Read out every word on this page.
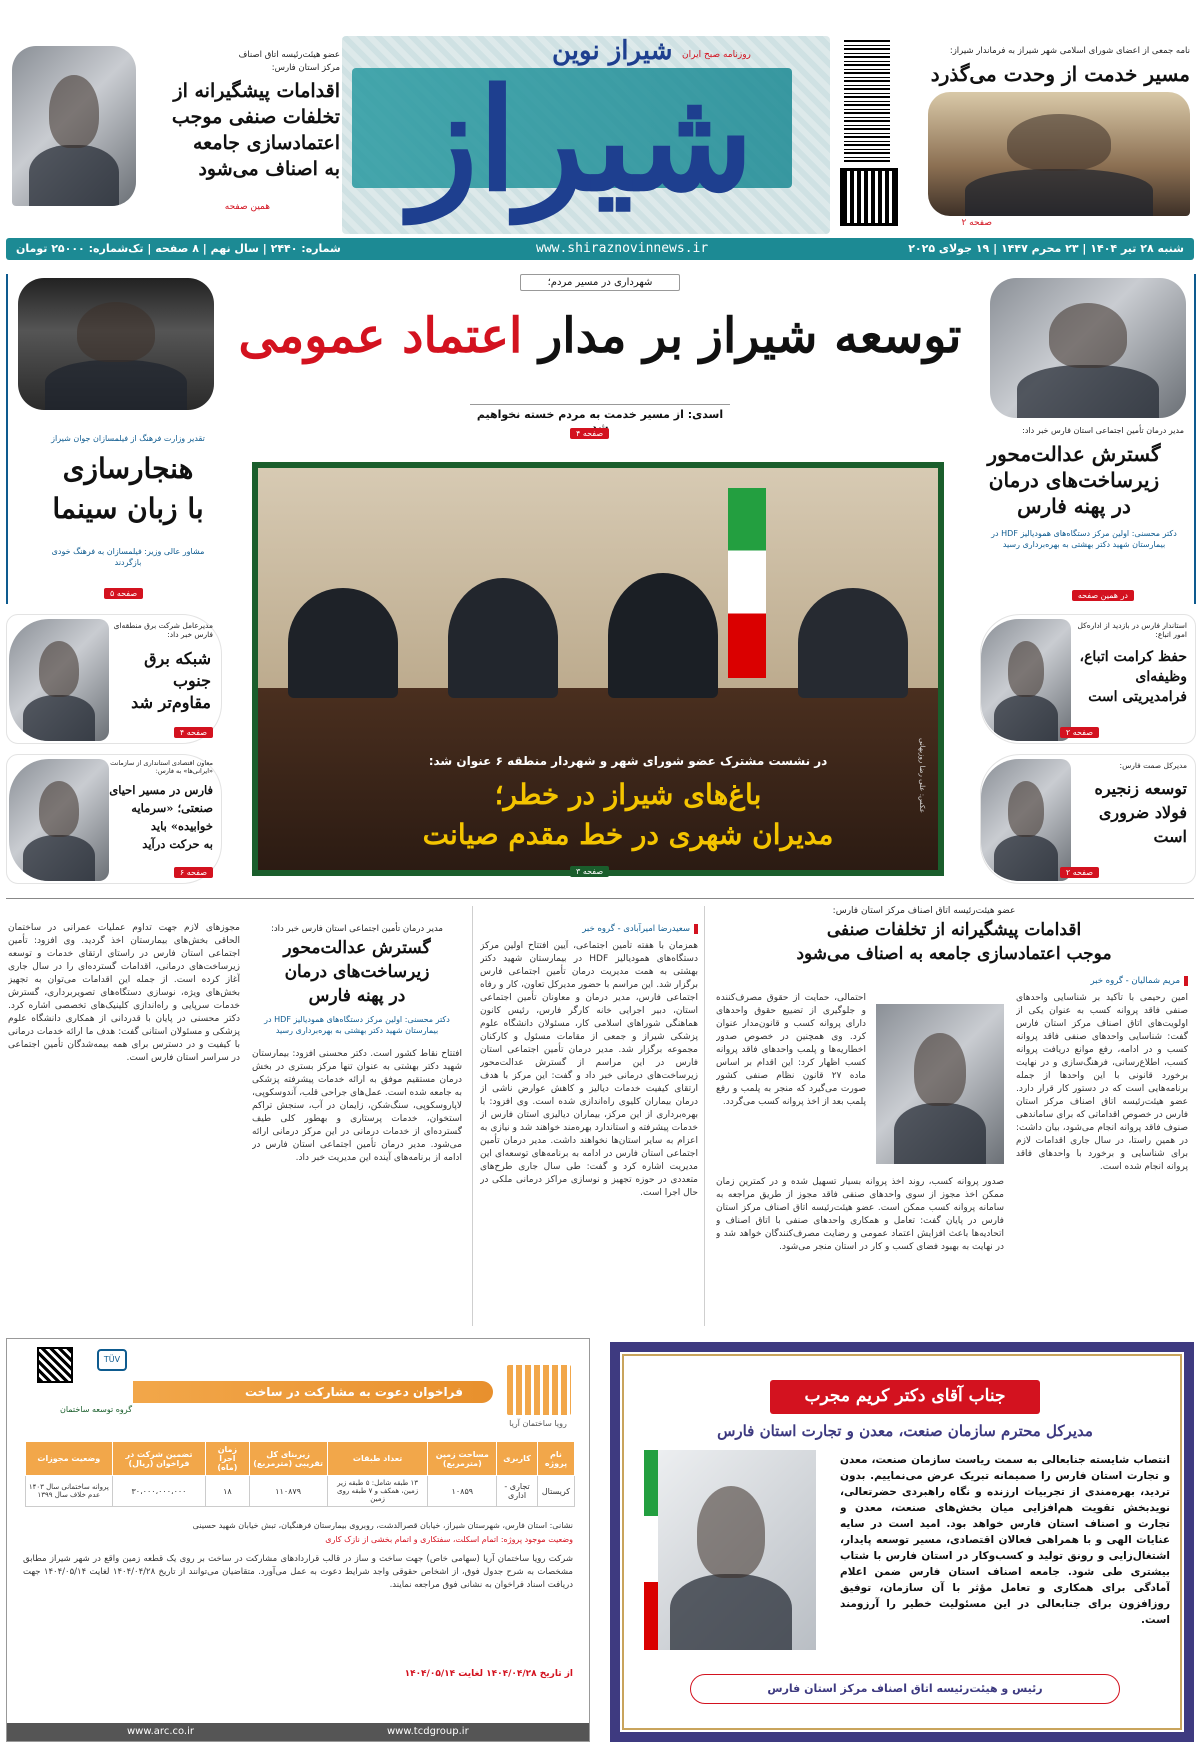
نامه جمعی از اعضای شورای اسلامی شهر شیراز به فرماندار شیراز:
مسیر خدمت از وحدت می‌گذرد
صفحه ۲
شیراز
شیراز نوین روزنامه صبح ایران
عضو هیئت‌رئیسه اتاق اصناف
مرکز استان فارس:
اقدامات پیشگیرانه از
تخلفات صنفی موجب
اعتمادسازی جامعه
به اصناف می‌شود
همین صفحه
شنبه ۲۸ تیر ۱۴۰۴ | ۲۳ محرم ۱۴۴۷ | ۱۹ جولای ۲۰۲۵
www.shiraznovinnews.ir
شماره: ۲۴۴۰ | سال نهم | ۸ صفحه | تک‌شماره: ۲۵۰۰۰ تومان
شهرداری در مسیر مردم؛
توسعه شیراز بر مدار اعتماد عمومی
اسدی: از مسیر خدمت به مردم خسته نخواهیم
صفحه ۴
عکس: علی رضا روزبهانی
در نشست مشترک عضو شورای شهر و شهردار منطقه ۶ عنوان شد:
باغ‌های شیراز در خطر؛
مدیران شهری در خط مقدم صیانت
صفحه ۳
مدیر درمان تأمین اجتماعی استان فارس خبر داد:
گسترش عدالت‌محور
زیرساخت‌های درمان
در پهنه فارس
دکتر محسنی: اولین مرکز دستگاه‌های همودیالیز HDF در بیمارستان شهید دکتر بهشتی به بهره‌برداری رسید
در همین صفحه
استاندار فارس در بازدید از ادارەکل امور اتباع:
حفظ کرامت اتباع،
وظیفه‌ای
فرامدیریتی است
صفحه ۲
مدیرکل صمت فارس:
توسعه زنجیره
فولاد ضروری
است
صفحه ۲
تقدیر وزارت فرهنگ از فیلمسازان جوان شیراز
هنجارسازی
با زبان سینما
مشاور عالی وزیر: فیلمسازان به فرهنگ خودی بازگردند
صفحه ۵
مدیرعامل شرکت برق منطقه‌ای فارس خبر داد:
شبکه برق
جنوب
مقاوم‌تر شد
صفحه ۴
معاون اقتصادی استانداری از سازمانت «ایرانی‌ها» به فارس:
فارس در مسیر احیای
صنعتی؛ «سرمایه
خوابیده» باید
به حرکت درآید
صفحه ۶
عضو هیئت‌رئیسه اتاق اصناف مرکز استان فارس:
اقدامات پیشگیرانه از تخلفات صنفی
موجب اعتمادسازی جامعه به اصناف می‌شود
مریم شمالیان - گروه خبر
امین رحیمی با تأکید بر شناسایی واحدهای صنفی فاقد پروانه کسب به عنوان یکی از اولویت‌های اتاق اصناف مرکز استان فارس گفت: شناسایی واحدهای صنفی فاقد پروانه کسب و در ادامه، رفع موانع دریافت پروانه کسب، اطلاع‌رسانی، فرهنگ‌سازی و در نهایت برخورد قانونی با این واحدها از جمله برنامه‌هایی است که در دستور کار قرار دارد. عضو هیئت‌رئیسه اتاق اصناف مرکز استان فارس در خصوص اقداماتی که برای ساماندهی صنوف فاقد پروانه انجام می‌شود، بیان داشت: در همین راستا، در سال جاری اقدامات لازم برای شناسایی و برخورد با واحدهای فاقد پروانه انجام شده است.
احتمالی، حمایت از حقوق مصرف‌کننده و جلوگیری از تضییع حقوق واحدهای دارای پروانه کسب و قانون‌مدار عنوان کرد. وی همچنین در خصوص صدور اخطاریه‌ها و پلمب واحدهای فاقد پروانه کسب اظهار کرد: این اقدام بر اساس ماده ۲۷ قانون نظام صنفی کشور صورت می‌گیرد که منجر به پلمب و رفع پلمب بعد از اخذ پروانه کسب می‌گردد.
صدور پروانه کسب، روند اخذ پروانه بسیار تسهیل شده و در کمترین زمان ممکن اخذ مجوز از سوی واحدهای صنفی فاقد مجوز از طریق مراجعه به سامانه پروانه کسب ممکن است. عضو هیئت‌رئیسه اتاق اصناف مرکز استان فارس در پایان گفت: تعامل و همکاری واحدهای صنفی با اتاق اصناف و اتحادیه‌ها باعث افزایش اعتماد عمومی و رضایت مصرف‌کنندگان خواهد شد و در نهایت به بهبود فضای کسب و کار در استان منجر می‌شود.
سعیدرضا امیرآبادی - گروه خبر
همزمان با هفته تأمین اجتماعی، آیین افتتاح اولین مرکز دستگاه‌های همودیالیز HDF در بیمارستان شهید دکتر بهشتی به همت مدیریت درمان تأمین اجتماعی فارس برگزار شد. این مراسم با حضور مدیرکل تعاون، کار و رفاه اجتماعی فارس، مدیر درمان و معاونان تأمین اجتماعی استان، دبیر اجرایی خانه کارگر فارس، رئیس کانون هماهنگی شوراهای اسلامی کار، مسئولان دانشگاه علوم پزشکی شیراز و جمعی از مقامات مسئول و کارکنان مجموعه برگزار شد. مدیر درمان تأمین اجتماعی استان فارس در این مراسم از گسترش عدالت‌محور زیرساخت‌های درمانی خبر داد و گفت: این مرکز با هدف ارتقای کیفیت خدمات دیالیز و کاهش عوارض ناشی از درمان بیماران کلیوی راه‌اندازی شده است. وی افزود: با بهره‌برداری از این مرکز، بیماران دیالیزی استان فارس از خدمات پیشرفته و استاندارد بهره‌مند خواهند شد و نیازی به اعزام به سایر استان‌ها نخواهند داشت. مدیر درمان تأمین اجتماعی استان فارس در ادامه به برنامه‌های توسعه‌ای این مدیریت اشاره کرد و گفت: طی سال جاری طرح‌های متعددی در حوزه تجهیز و نوسازی مراکز درمانی ملکی در حال اجرا است.
مدیر درمان تأمین اجتماعی استان فارس خبر داد:
گسترش عدالت‌محور
زیرساخت‌های درمان
در پهنه فارس
دکتر محسنی: اولین مرکز دستگاه‌های همودیالیز HDF در بیمارستان شهید دکتر بهشتی به بهره‌برداری رسید
افتتاح نقاط کشور است. دکتر محسنی افزود: بیمارستان شهید دکتر بهشتی به عنوان تنها مرکز بستری در بخش درمان مستقیم موفق به ارائه خدمات پیشرفته پزشکی به جامعه شده است. عمل‌های جراحی قلب، آندوسکوپی، لاپاروسکوپی، سنگ‌شکن، زایمان در آب، سنجش تراکم استخوان، خدمات پرستاری و بهطور کلی طیف گسترده‌ای از خدمات درمانی در این مرکز درمانی ارائه می‌شود. مدیر درمان تأمین اجتماعی استان فارس در ادامه از برنامه‌های آینده این مدیریت خبر داد.
مجوزهای لازم جهت تداوم عملیات عمرانی در ساختمان الحاقی بخش‌های بیمارستان اخذ گردید. وی افزود: تأمین اجتماعی استان فارس در راستای ارتقای خدمات و توسعه زیرساخت‌های درمانی، اقدامات گسترده‌ای را در سال جاری آغاز کرده است. از جمله این اقدامات می‌توان به تجهیز بخش‌های ویژه، نوسازی دستگاه‌های تصویربرداری، گسترش خدمات سرپایی و راه‌اندازی کلینیک‌های تخصصی اشاره کرد. دکتر محسنی در پایان با قدردانی از همکاری دانشگاه علوم پزشکی و مسئولان استانی گفت: هدف ما ارائه خدمات درمانی با کیفیت و در دسترس برای همه بیمه‌شدگان تأمین اجتماعی در سراسر استان فارس است.
رویا ساختمان آریا
فراخوان دعوت به مشارکت در ساخت
TÜV
گروه توسعه ساختمان
نام پروژه	کاربری	مساحت زمین (مترمربع)	تعداد طبقات	زیربنای کل تقریبی (مترمربع)	زمان اجرا (ماه)	تضمین شرکت در فراخوان (ریال)	وضعیت مجوزات
کریستال	تجاری - اداری	۱۰۸۵۹	۱۳ طبقه شامل: ۵ طبقه زیر زمین، همکف و ۷ طبقه روی زمین	۱۱۰۸۷۹	۱۸	۳۰،۰۰۰،۰۰۰،۰۰۰	پروانه ساختمانی سال ۱۴۰۳ عدم خلاف سال ۱۳۹۹
نشانی: استان فارس، شهرستان شیراز، خیابان قصرالدشت، روبروی بیمارستان فرهنگیان، تبش خیابان شهید حسینی
وضعیت موجود پروژه: اتمام اسکلت، سفتکاری و اتمام بخشی از نازک کاری
شرکت رویا ساختمان آریا (سهامی خاص) جهت ساخت و ساز در قالب قراردادهای مشارکت در ساخت بر روی یک قطعه زمین واقع در شهر شیراز مطابق مشخصات به شرح جدول فوق، از اشخاص حقوقی واجد شرایط دعوت به عمل می‌آورد. متقاضیان می‌توانند از تاریخ ۱۴۰۴/۰۴/۲۸ لغایت ۱۴۰۴/۰۵/۱۴ جهت دریافت اسناد فراخوان به نشانی فوق مراجعه نمایند.
از تاریخ ۱۴۰۴/۰۴/۲۸ لغایت ۱۴۰۴/۰۵/۱۴
www.arc.co.ir	www.tcdgroup.ir
جناب آقای دکتر کریم مجرب
مدیرکل محترم سازمان صنعت، معدن و تجارت استان فارس
انتصاب شایسته جنابعالی به سمت ریاست سازمان صنعت، معدن و تجارت استان فارس را صمیمانه تبریک عرض می‌نماییم. بدون تردید، بهره‌مندی از تجربیات ارزنده و نگاه راهبردی حضرتعالی، نویدبخش تقویت هم‌افزایی میان بخش‌های صنعت، معدن و تجارت و اصناف استان فارس خواهد بود. امید است در سایه عنایات الهی و با همراهی فعالان اقتصادی، مسیر توسعه پایدار، اشتغال‌زایی و رونق تولید و کسب‌وکار در استان فارس با شتاب بیشتری طی شود. جامعه اصناف استان فارس ضمن اعلام آمادگی برای همکاری و تعامل مؤثر با آن سازمان، توفیق روزافزون برای جنابعالی در این مسئولیت خطیر را آرزومند است.
رئیس و هیئت‌رئیسه اتاق اصناف مرکز استان فارس
